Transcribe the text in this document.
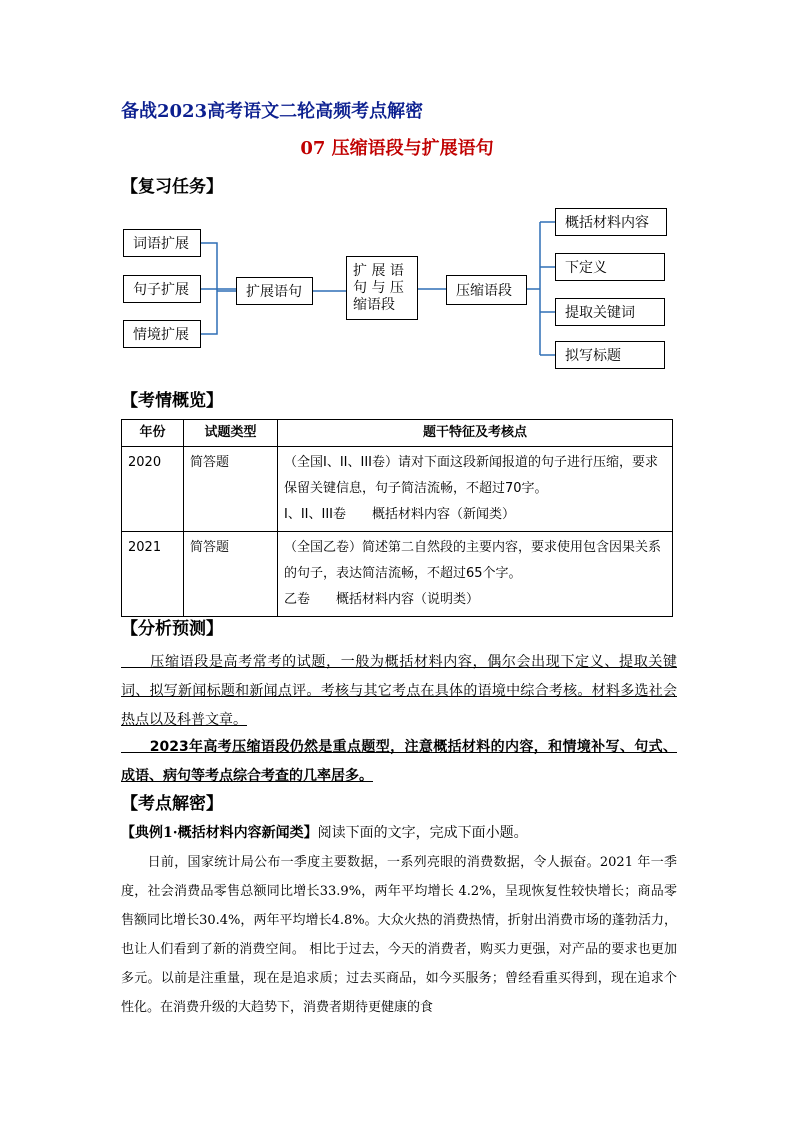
备战2023高考语文二轮高频考点解密
07 压缩语段与扩展语句
【复习任务】
词语扩展
句子扩展
情境扩展
扩展语句
扩 展 语 句 与 压 缩语段
压缩语段
概括材料内容
下定义
提取关键词
拟写标题
【考情概览】
年份	试题类型	题干特征及考核点
2020	简答题	（全国I、II、III卷）请对下面这段新闻报道的句子进行压缩，要求保留关键信息，句子简洁流畅，不超过70字。
I、II、III卷　　概括材料内容（新闻类）

2021	简答题	（全国乙卷）简述第二自然段的主要内容，要求使用包含因果关系的句子，表达简洁流畅，不超过65个字。
乙卷　　概括材料内容（说明类）
【分析预测】
　　压缩语段是高考常考的试题，一般为概括材料内容，偶尔会出现下定义、提取关键词、拟写新闻标题和新闻点评。考核与其它考点在具体的语境中综合考核。材料多选社会热点以及科普文章。
　　2023年高考压缩语段仍然是重点题型，注意概括材料的内容，和情境补写、句式、成语、病句等考点综合考查的几率居多。
【考点解密】
【典例1·概括材料内容新闻类】阅读下面的文字，完成下面小题。
　　日前，国家统计局公布一季度主要数据，一系列亮眼的消费数据，令人振奋。2021 年一季度，社会消费品零售总额同比增长33.9%，两年平均增长 4.2%，呈现恢复性较快增长；商品零售额同比增长30.4%，两年平均增长4.8%。大众火热的消费热情，折射出消费市场的蓬勃活力，也让人们看到了新的消费空间。 相比于过去，今天的消费者，购买力更强，对产品的要求也更加多元。以前是注重量，现在是追求质；过去买商品，如今买服务；曾经看重买得到，现在追求个性化。在消费升级的大趋势下，消费者期待更健康的食
